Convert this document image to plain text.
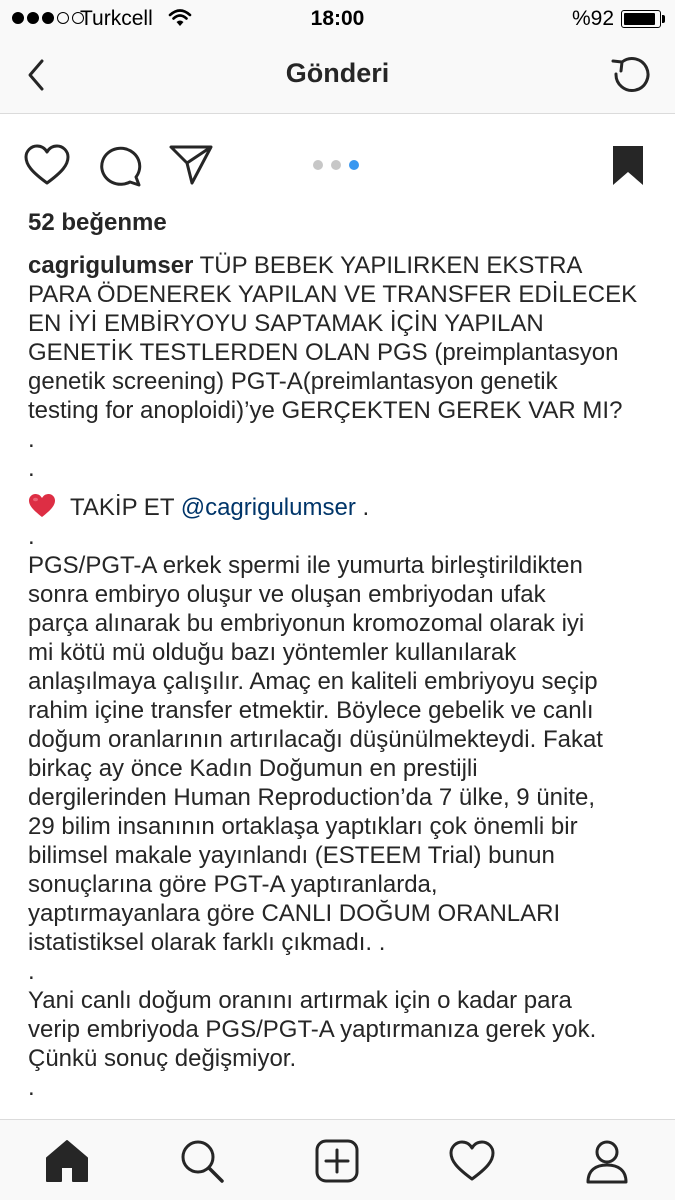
Turkcell	18:00	%92
Gönderi
52 beğenme
cagrigulumser TÜP BEBEK YAPILIRKEN EKSTRA
PARA ÖDENEREK YAPILAN VE TRANSFER EDİLECEK
EN İYİ EMBİRYOYU SAPTAMAK İÇİN YAPILAN
GENETİK TESTLERDEN OLAN PGS (preimplantasyon
genetik screening) PGT-A(preimlantasyon genetik
testing for anoploidi)’ye GERÇEKTEN GEREK VAR MI?
.
.
TAKİP ET @cagrigulumser .
.
PGS/PGT-A erkek spermi ile yumurta birleştirildikten
sonra embiryo oluşur ve oluşan embriyodan ufak
parça alınarak bu embriyonun kromozomal olarak iyi
mi kötü mü olduğu bazı yöntemler kullanılarak
anlaşılmaya çalışılır. Amaç en kaliteli embriyoyu seçip
rahim içine transfer etmektir. Böylece gebelik ve canlı
doğum oranlarının artırılacağı düşünülmekteydi. Fakat
birkaç ay önce Kadın Doğumun en prestijli
dergilerinden Human Reproduction’da 7 ülke, 9 ünite,
29 bilim insanının ortaklaşa yaptıkları çok önemli bir
bilimsel makale yayınlandı (ESTEEM Trial) bunun
sonuçlarına göre PGT-A yaptıranlarda,
yaptırmayanlara göre CANLI DOĞUM ORANLARI
istatistiksel olarak farklı çıkmadı. .
.
Yani canlı doğum oranını artırmak için o kadar para
verip embriyoda PGS/PGT-A yaptırmanıza gerek yok.
Çünkü sonuç değişmiyor.
.
